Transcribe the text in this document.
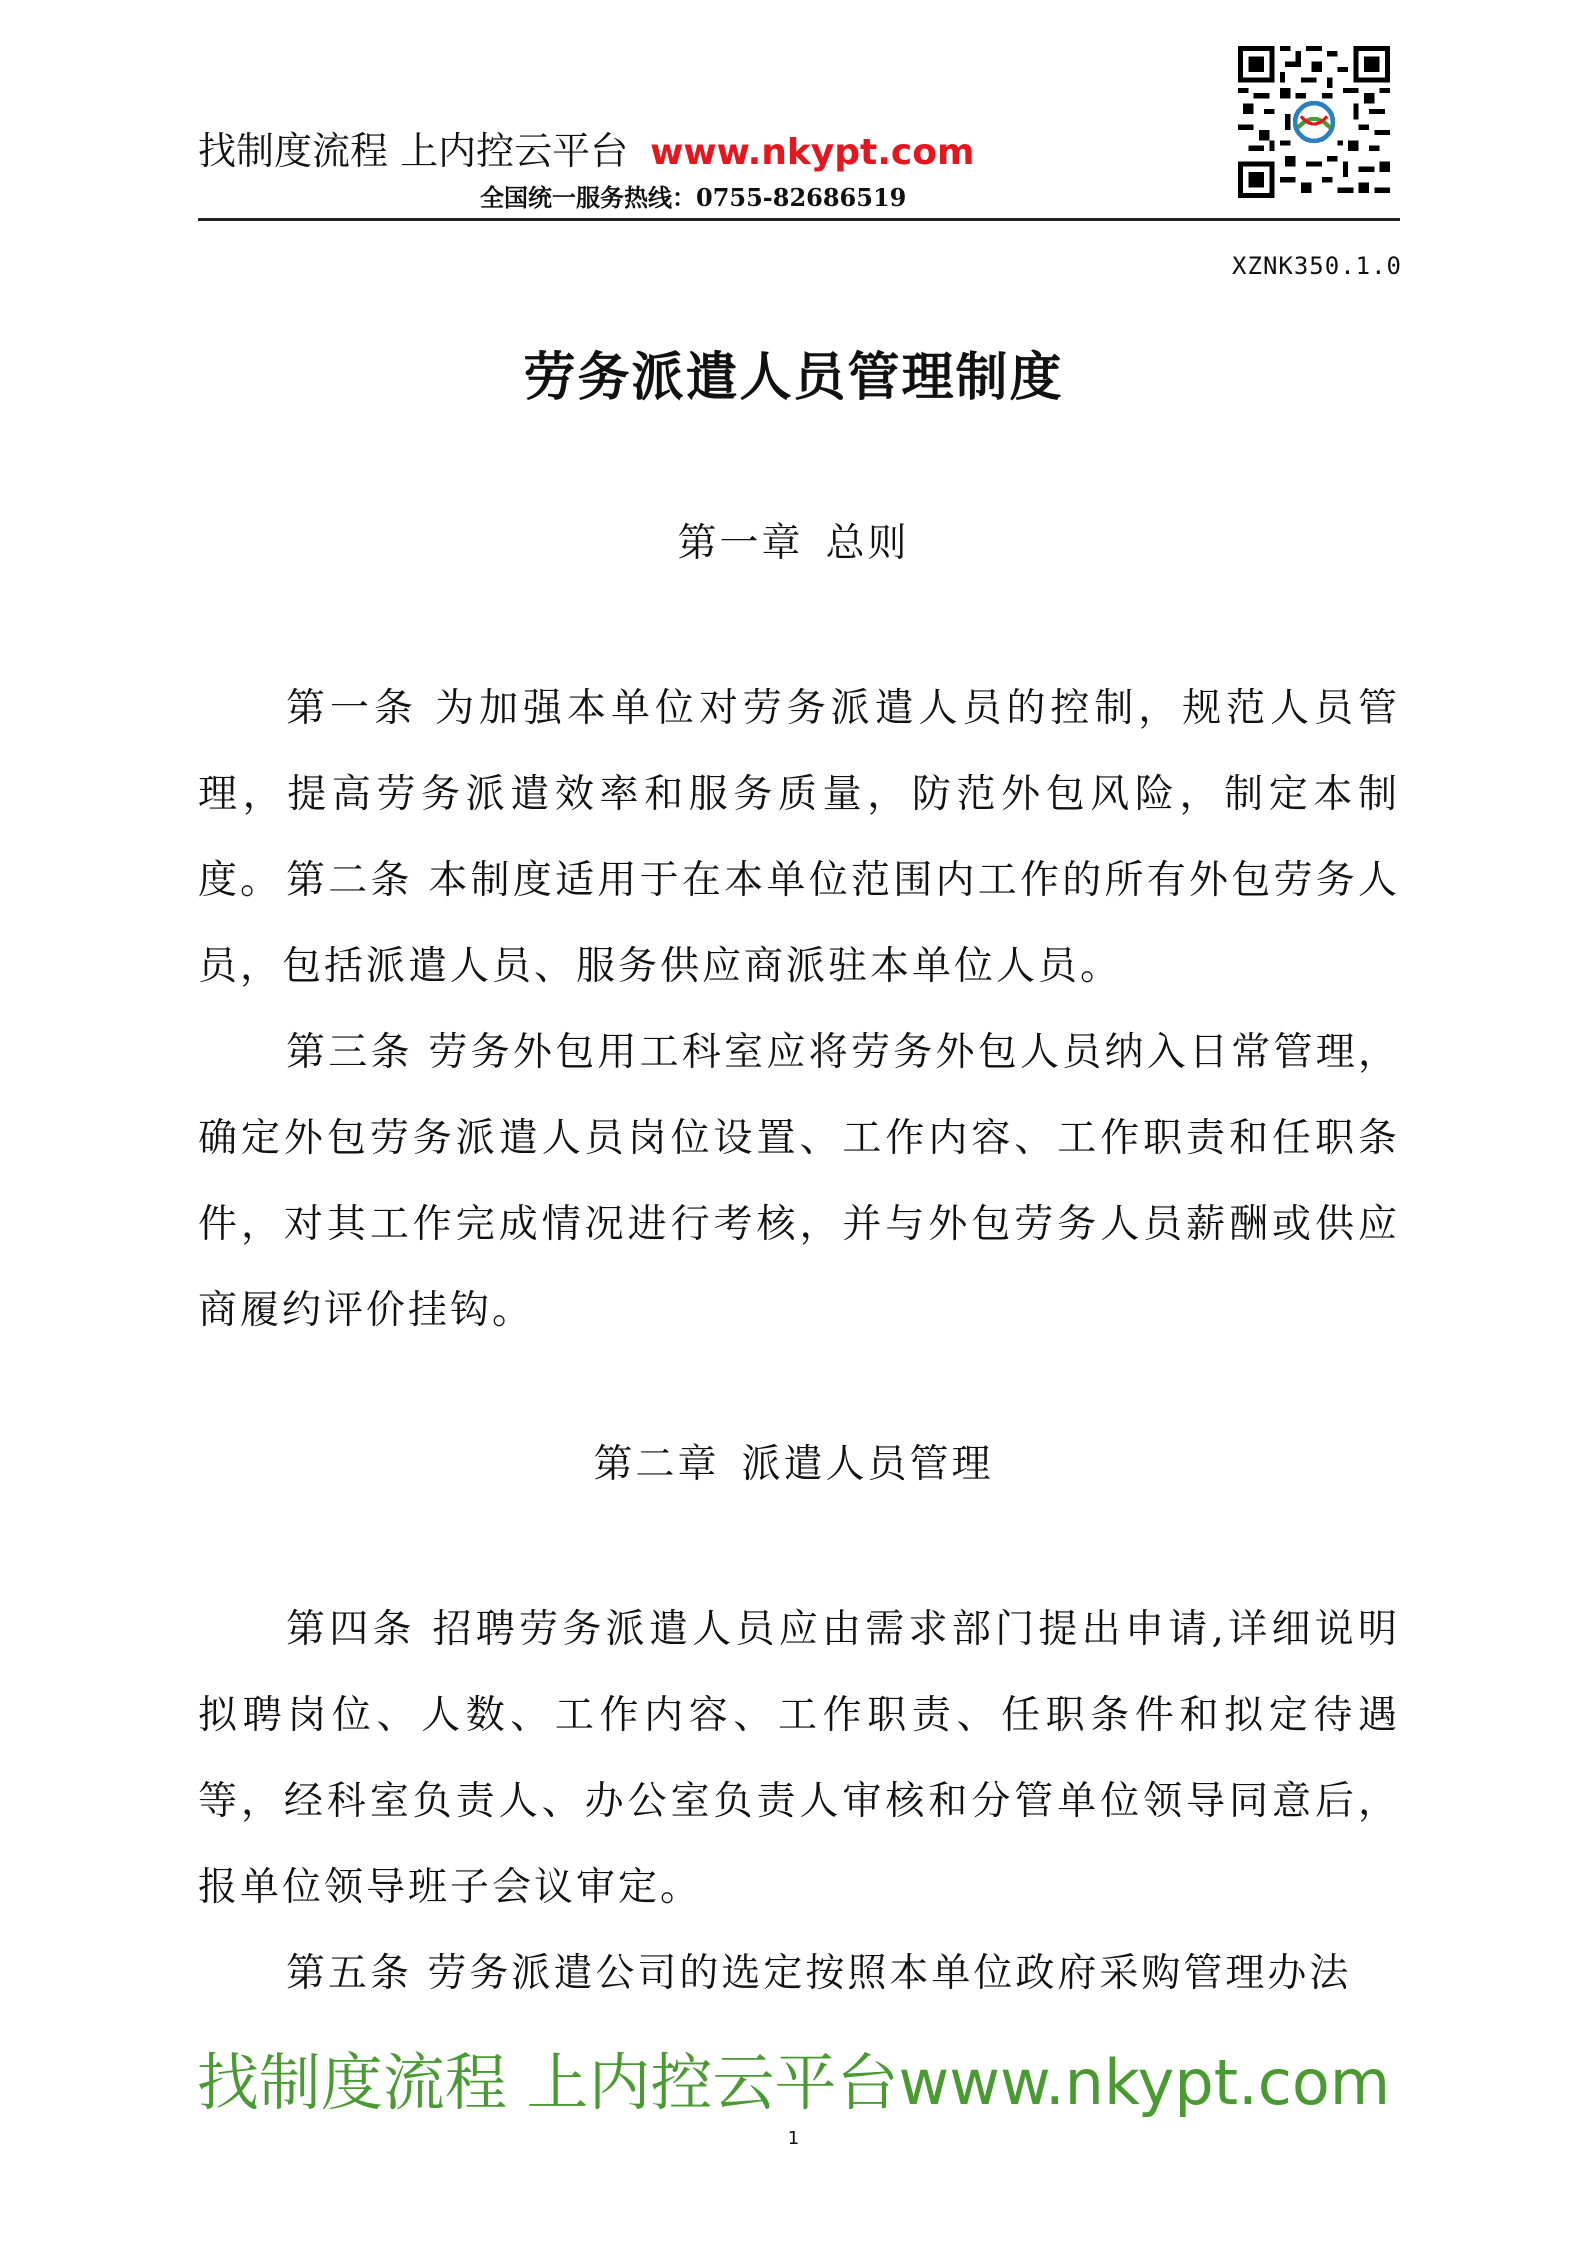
找制度流程 上内控云平台 www.nkypt.com
全国统一服务热线：0755-82686519
XZNK350.1.0
劳务派遣人员管理制度
第一章 总则

第一条 为加强本单位对劳务派遣人员的控制，规范人员管理，提高劳务派遣效率和服务质量，防范外包风险，制定本制度。 第二条 本制度适用于在本单位范围内工作的所有外包劳务人员，包括派遣人员、服务供应商派驻本单位人员。

第三条 劳务外包用工科室应将劳务外包人员纳入日常管理，确定外包劳务派遣人员岗位设置、工作内容、工作职责和任职条件，对其工作完成情况进行考核，并与外包劳务人员薪酬或供应商履约评价挂钩。

第二章 派遣人员管理

第四条 招聘劳务派遣人员应由需求部门提出申请,详细说明拟聘岗位、人数、工作内容、工作职责、任职条件和拟定待遇等，经科室负责人、办公室负责人审核和分管单位领导同意后，报单位领导班子会议审定。

第五条 劳务派遣公司的选定按照本单位政府采购管理办法

找制度流程 上内控云平台www.nkypt.com
1
